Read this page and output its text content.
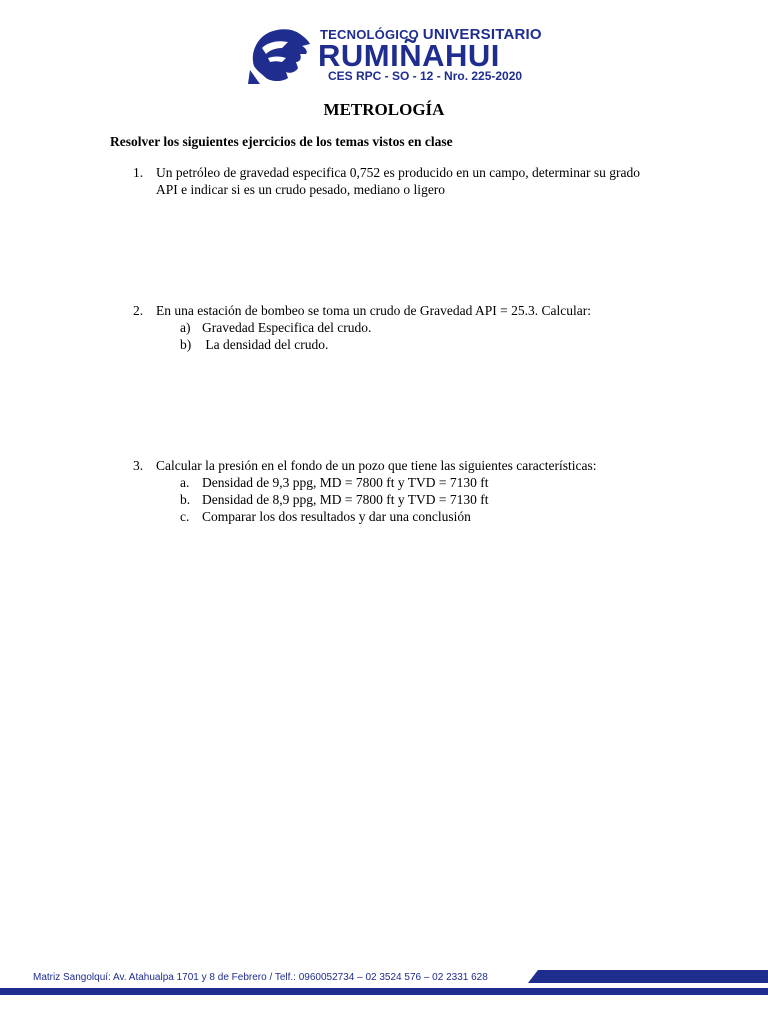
TECNOLÓGICO UNIVERSITARIO
RUMIÑAHUI
CES RPC - SO - 12 - Nro. 225-2020
METROLOGÍA
Resolver los siguientes ejercicios de los temas vistos en clase
1. Un petróleo de gravedad especifica 0,752 es producido en un campo, determinar su grado API e indicar si es un crudo pesado, mediano o ligero
2. En una estación de bombeo se toma un crudo de Gravedad API = 25.3. Calcular:
a) Gravedad Especifica del crudo.
b) La densidad del crudo.
3. Calcular la presión en el fondo de un pozo que tiene las siguientes características:
a. Densidad de 9,3 ppg, MD = 7800 ft y TVD = 7130 ft
b. Densidad de 8,9 ppg, MD = 7800 ft y TVD = 7130 ft
c. Comparar los dos resultados y dar una conclusión
Matriz Sangolquí: Av. Atahualpa 1701 y 8 de Febrero / Telf.: 0960052734 – 02 3524 576 – 02 2331 628
